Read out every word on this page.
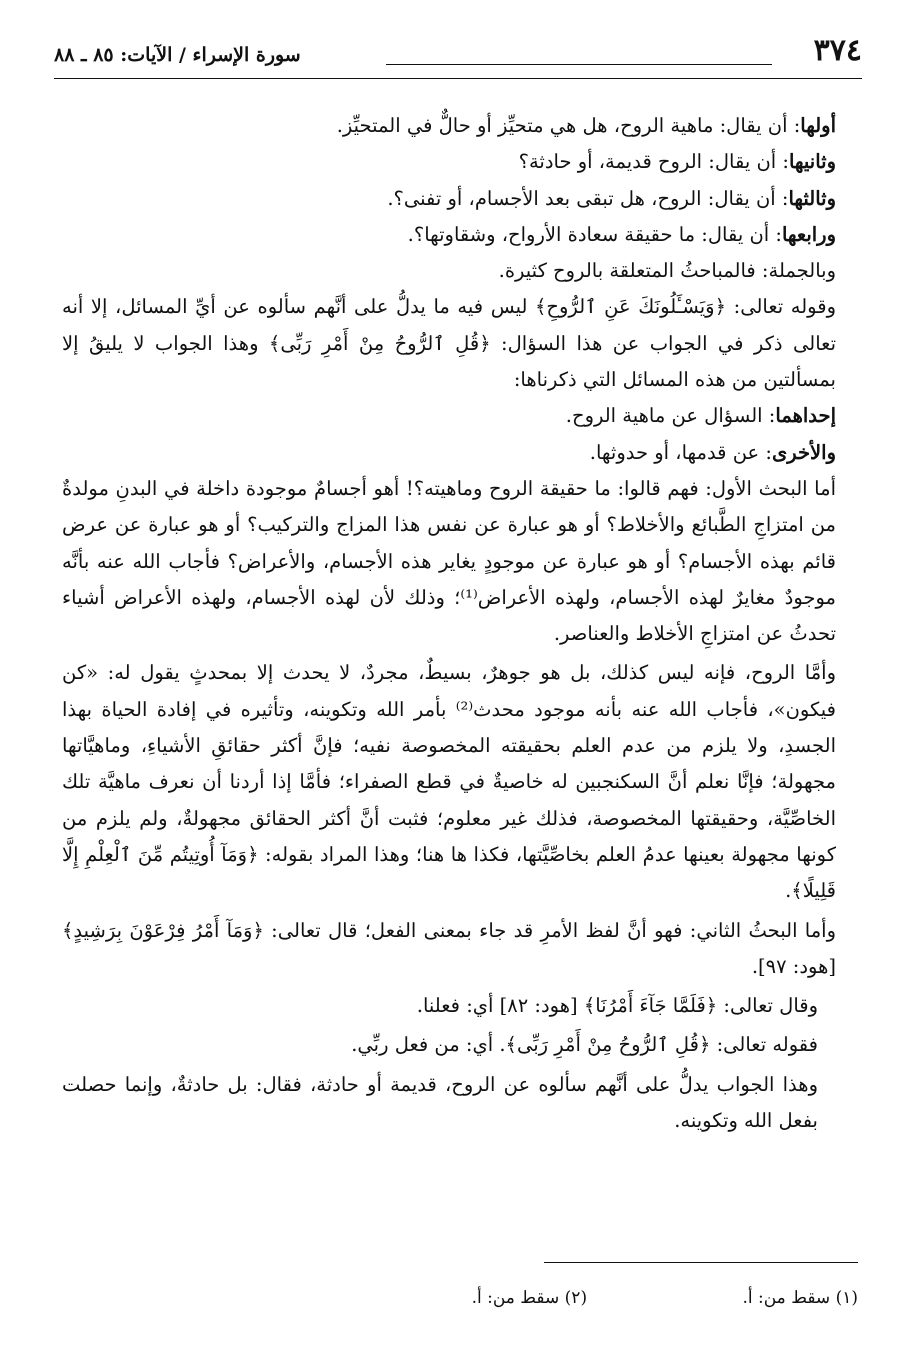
٣٧٤
سورة الإسراء / الآيات: ٨٥ ـ ٨٨

أولها: أن يقال: ماهية الروح، هل هي متحيِّز أو حالٌّ في المتحيِّز.

وثانيها: أن يقال: الروح قديمة، أو حادثة؟

وثالثها: أن يقال: الروح، هل تبقى بعد الأجسام، أو تفنى؟.

ورابعها: أن يقال: ما حقيقة سعادة الأرواح، وشقاوتها؟.

وبالجملة: فالمباحثُ المتعلقة بالروح كثيرة.

وقوله تعالى: ﴿وَيَسْـَٔلُونَكَ عَنِ ٱلرُّوحِ﴾ ليس فيه ما يدلُّ على أنَّهم سألوه عن أيِّ المسائل، إلا أنه تعالى ذكر في الجواب عن هذا السؤال: ﴿قُلِ ٱلرُّوحُ مِنْ أَمْرِ رَبِّى﴾ وهذا الجواب لا يليقُ إلا بمسألتين من هذه المسائل التي ذكرناها:

إحداهما: السؤال عن ماهية الروح.

والأخرى: عن قدمها، أو حدوثها.

أما البحث الأول: فهم قالوا: ما حقيقة الروح وماهيته؟! أهو أجسامٌ موجودة داخلة في البدنِ مولدةٌ من امتزاجِ الطَّبائع والأخلاط؟ أو هو عبارة عن نفس هذا المزاج والتركيب؟ أو هو عبارة عن عرض قائم بهذه الأجسام؟ أو هو عبارة عن موجودٍ يغاير هذه الأجسام، والأعراض؟ فأجاب الله عنه بأنَّه موجودٌ مغايرٌ لهذه الأجسام، ولهذه الأعراض⁽¹⁾؛ وذلك لأن لهذه الأجسام، ولهذه الأعراض أشياء تحدثُ عن امتزاجِ الأخلاط والعناصر.

وأمَّا الروح، فإنه ليس كذلك، بل هو جوهرٌ، بسيطٌ، مجردٌ، لا يحدث إلا بمحدثٍ يقول له: «كن فيكون»، فأجاب الله عنه بأنه موجود محدث⁽²⁾ بأمر الله وتكوينه، وتأثيره في إفادة الحياة بهذا الجسدِ، ولا يلزم من عدم العلم بحقيقته المخصوصة نفيه؛ فإنَّ أكثر حقائقِ الأشياءِ، وماهيَّاتها مجهولة؛ فإنَّا نعلم أنَّ السكنجبين له خاصيةٌ في قطع الصفراء؛ فأمَّا إذا أردنا أن نعرف ماهيَّة تلك الخاصِّيَّة، وحقيقتها المخصوصة، فذلك غير معلوم؛ فثبت أنَّ أكثر الحقائق مجهولةٌ، ولم يلزم من كونها مجهولة بعينها عدمُ العلم بخاصِّيَّتها، فكذا ها هنا؛ وهذا المراد بقوله: ﴿وَمَآ أُوتِيتُم مِّنَ ٱلْعِلْمِ إِلَّا قَلِيلًا﴾.

وأما البحثُ الثاني: فهو أنَّ لفظ الأمرِ قد جاء بمعنى الفعل؛ قال تعالى: ﴿وَمَآ أَمْرُ فِرْعَوْنَ بِرَشِيدٍ﴾ [هود: ٩٧].

وقال تعالى: ﴿فَلَمَّا جَآءَ أَمْرُنَا﴾ [هود: ٨٢] أي: فعلنا.

فقوله تعالى: ﴿قُلِ ٱلرُّوحُ مِنْ أَمْرِ رَبِّى﴾. أي: من فعل ربِّي.

وهذا الجواب يدلُّ على أنَّهم سألوه عن الروح، قديمة أو حادثة، فقال: بل حادثةٌ، وإنما حصلت بفعل الله وتكوينه.

(١) سقط من: أ. (٢) سقط من: أ.
